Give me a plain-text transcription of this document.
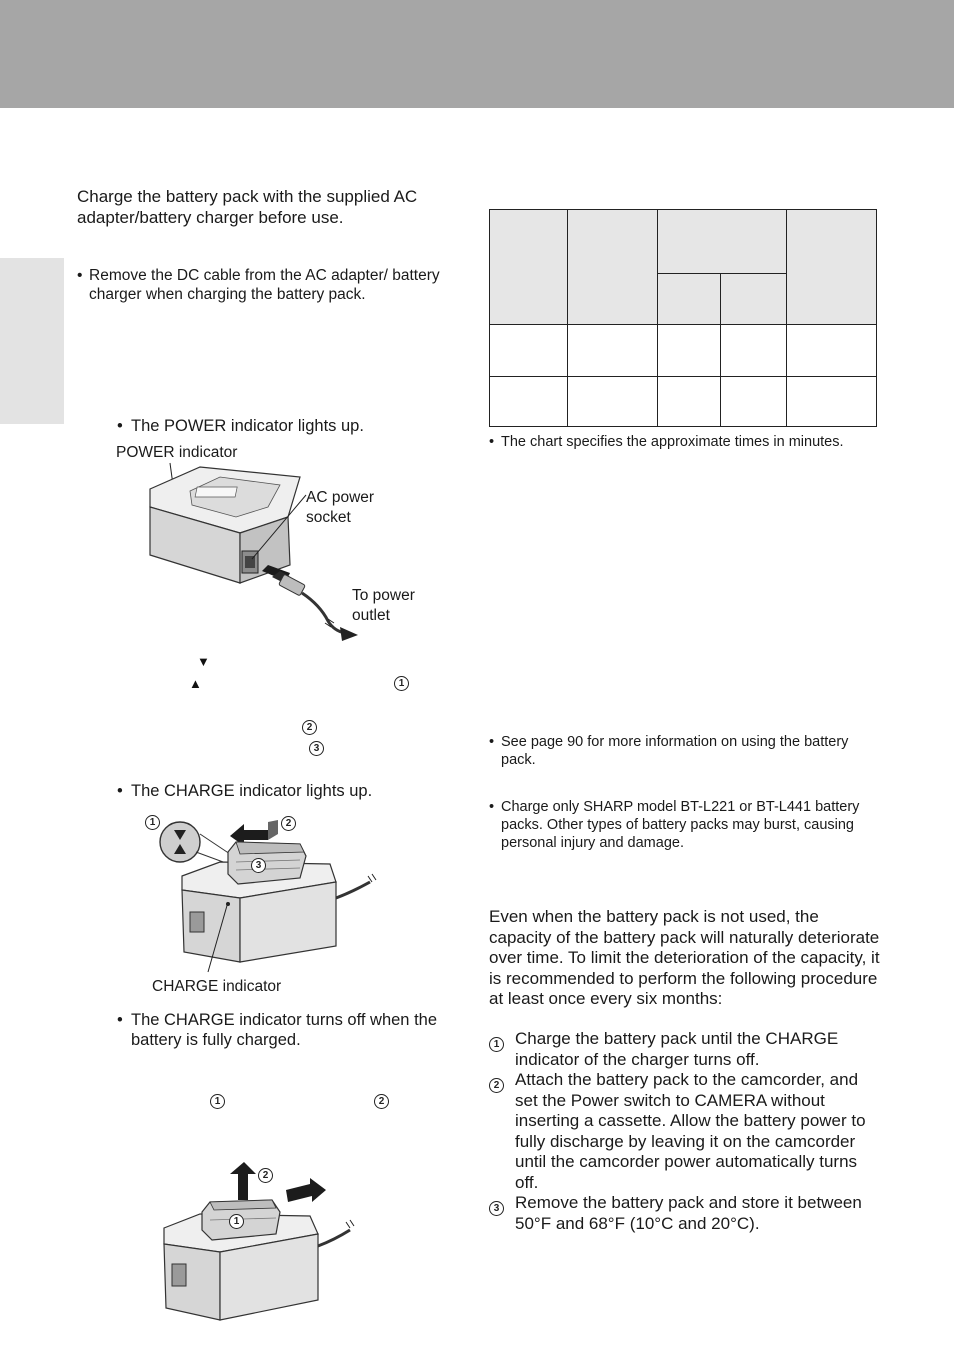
Charge the battery pack with the supplied AC adapter/battery charger before use.
• Remove the DC cable from the AC adapter/ battery charger when charging the battery pack.
• The POWER indicator lights up.
POWER indicator
AC power
socket
To power
outlet
▼
▲	1
2
3
• The CHARGE indicator lights up.
1	2
3
CHARGE indicator
• The CHARGE indicator turns off when the battery is fully charged.
1	2
2
1

• The chart specifies the approximate times in minutes.
• See page 90 for more information on using the battery pack.
• Charge only SHARP model BT-L221 or BT-L441 battery packs. Other types of battery packs may burst, causing personal injury and damage.
Even when the battery pack is not used, the capacity of the battery pack will naturally deteriorate over time. To limit the deterioration of the capacity, it is recommended to perform the following procedure at least once every six months:
1 Charge the battery pack until the CHARGE indicator of the charger turns off.
2 Attach the battery pack to the camcorder, and set the Power switch to CAMERA without inserting a cassette. Allow the battery power to fully discharge by leaving it on the camcorder until the camcorder power automatically turns off.
3 Remove the battery pack and store it between 50°F and 68°F (10°C and 20°C).
